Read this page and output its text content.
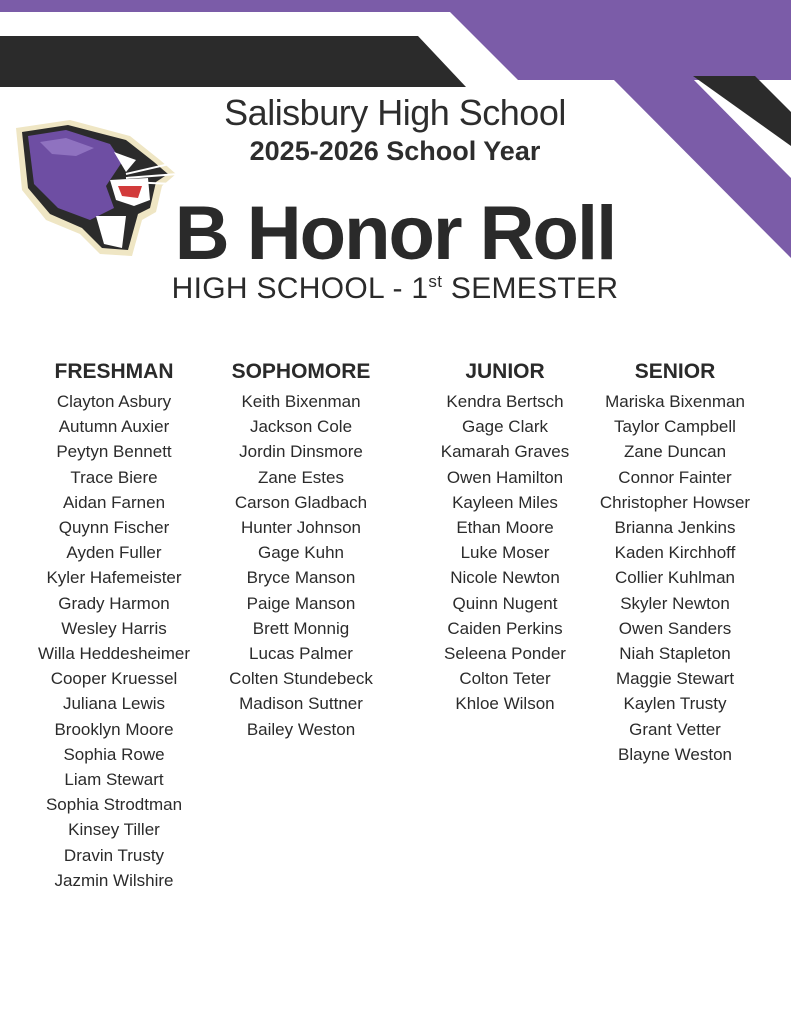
Salisbury High School
2025-2026 School Year
B Honor Roll
HIGH SCHOOL - 1st SEMESTER
FRESHMAN
Clayton Asbury
Autumn Auxier
Peytyn Bennett
Trace Biere
Aidan Farnen
Quynn Fischer
Ayden Fuller
Kyler Hafemeister
Grady Harmon
Wesley Harris
Willa Heddesheimer
Cooper Kruessel
Juliana Lewis
Brooklyn Moore
Sophia Rowe
Liam Stewart
Sophia Strodtman
Kinsey Tiller
Dravin Trusty
Jazmin Wilshire
SOPHOMORE
Keith Bixenman
Jackson Cole
Jordin Dinsmore
Zane Estes
Carson Gladbach
Hunter Johnson
Gage Kuhn
Bryce Manson
Paige Manson
Brett Monnig
Lucas Palmer
Colten Stundebeck
Madison Suttner
Bailey Weston
JUNIOR
Kendra Bertsch
Gage Clark
Kamarah Graves
Owen Hamilton
Kayleen Miles
Ethan Moore
Luke Moser
Nicole Newton
Quinn Nugent
Caiden Perkins
Seleena Ponder
Colton Teter
Khloe Wilson
SENIOR
Mariska Bixenman
Taylor Campbell
Zane Duncan
Connor Fainter
Christopher Howser
Brianna Jenkins
Kaden Kirchhoff
Collier Kuhlman
Skyler Newton
Owen Sanders
Niah Stapleton
Maggie Stewart
Kaylen Trusty
Grant Vetter
Blayne Weston
